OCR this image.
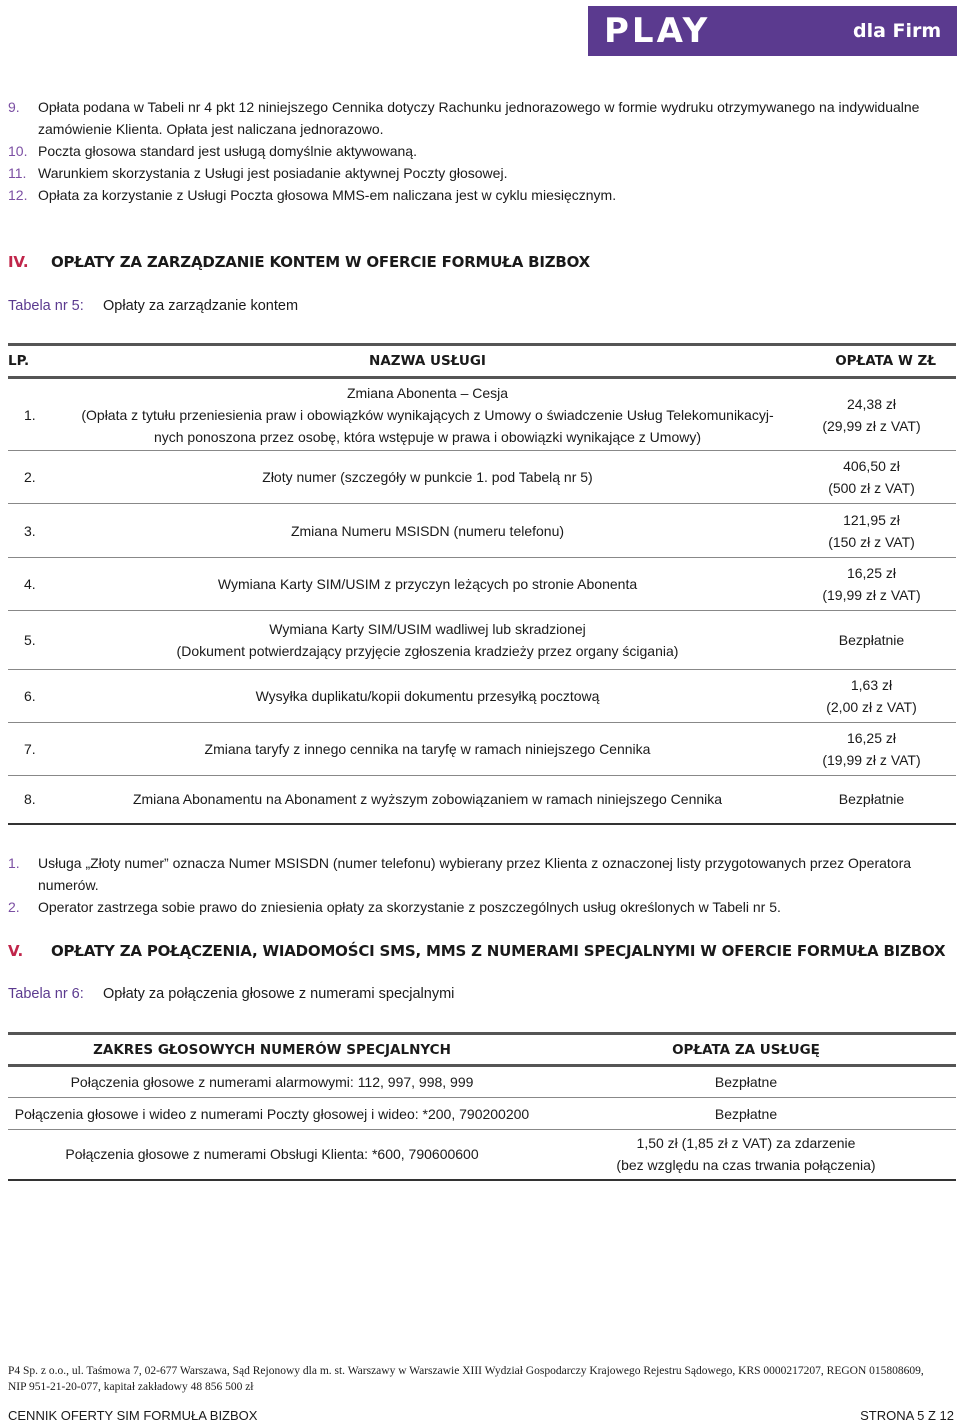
PLAY	dla Firm
9.	Opłata podana w Tabeli nr 4 pkt 12 niniejszego Cennika dotyczy Rachunku jednorazowego w formie wydruku otrzymywanego na indywidualne zamówienie Klienta. Opłata jest naliczana jednorazowo.
10. Poczta głosowa standard jest usługą domyślnie aktywowaną.
11. Warunkiem skorzystania z Usługi jest posiadanie aktywnej Poczty głosowej.
12. Opłata za korzystanie z Usługi Poczta głosowa MMS-em naliczana jest w cyklu miesięcznym.
IV.	OPŁATY ZA ZARZĄDZANIE KONTEM W OFERCIE FORMUŁA BIZBOX
Tabela nr 5:	Opłaty za zarządzanie kontem
LP.	NAZWA USŁUGI	OPŁATA W ZŁ
1.	Zmiana Abonenta – Cesja
(Opłata z tytułu przeniesienia praw i obowiązków wynikających z Umowy o świadczenie Usług Telekomunikacyj-
nych ponoszona przez osobę, która wstępuje w prawa i obowiązki wynikające z Umowy)	24,38 zł
(29,99 zł z VAT)
2.	Złoty numer (szczegóły w punkcie 1. pod Tabelą nr 5)	406,50 zł
(500 zł z VAT)
3.	Zmiana Numeru MSISDN (numeru telefonu)	121,95 zł
(150 zł z VAT)
4.	Wymiana Karty SIM/USIM z przyczyn leżących po stronie Abonenta	16,25 zł
(19,99 zł z VAT)
5.	Wymiana Karty SIM/USIM wadliwej lub skradzionej
(Dokument potwierdzający przyjęcie zgłoszenia kradzieży przez organy ścigania)	Bezpłatnie
6.	Wysyłka duplikatu/kopii dokumentu przesyłką pocztową	1,63 zł
(2,00 zł z VAT)
7.	Zmiana taryfy z innego cennika na taryfę w ramach niniejszego Cennika	16,25 zł
(19,99 zł z VAT)
8.	Zmiana Abonamentu na Abonament z wyższym zobowiązaniem w ramach niniejszego Cennika	Bezpłatnie
1.	Usługa „Złoty numer” oznacza Numer MSISDN (numer telefonu) wybierany przez Klienta z oznaczonej listy przygotowanych przez Operatora numerów.
2.	Operator zastrzega sobie prawo do zniesienia opłaty za skorzystanie z poszczególnych usług określonych w Tabeli nr 5.
V.	OPŁATY ZA POŁĄCZENIA, WIADOMOŚCI SMS, MMS Z NUMERAMI SPECJALNYMI W OFERCIE FORMUŁA BIZBOX
Tabela nr 6:	Opłaty za połączenia głosowe z numerami specjalnymi
ZAKRES GŁOSOWYCH NUMERÓW SPECJALNYCH	OPŁATA ZA USŁUGĘ
Połączenia głosowe z numerami alarmowymi: 112, 997, 998, 999	Bezpłatne
Połączenia głosowe i wideo z numerami Poczty głosowej i wideo: *200, 790200200	Bezpłatne
Połączenia głosowe z numerami Obsługi Klienta: *600, 790600600	1,50 zł (1,85 zł z VAT) za zdarzenie
(bez względu na czas trwania połączenia)
P4 Sp. z o.o., ul. Taśmowa 7, 02-677 Warszawa, Sąd Rejonowy dla m. st. Warszawy w Warszawie XIII Wydział Gospodarczy Krajowego Rejestru Sądowego, KRS 0000217207, REGON 015808609,
NIP 951-21-20-077, kapitał zakładowy 48 856 500 zł
CENNIK OFERTY SIM FORMUŁA BIZBOX	STRONA 5 Z 12
